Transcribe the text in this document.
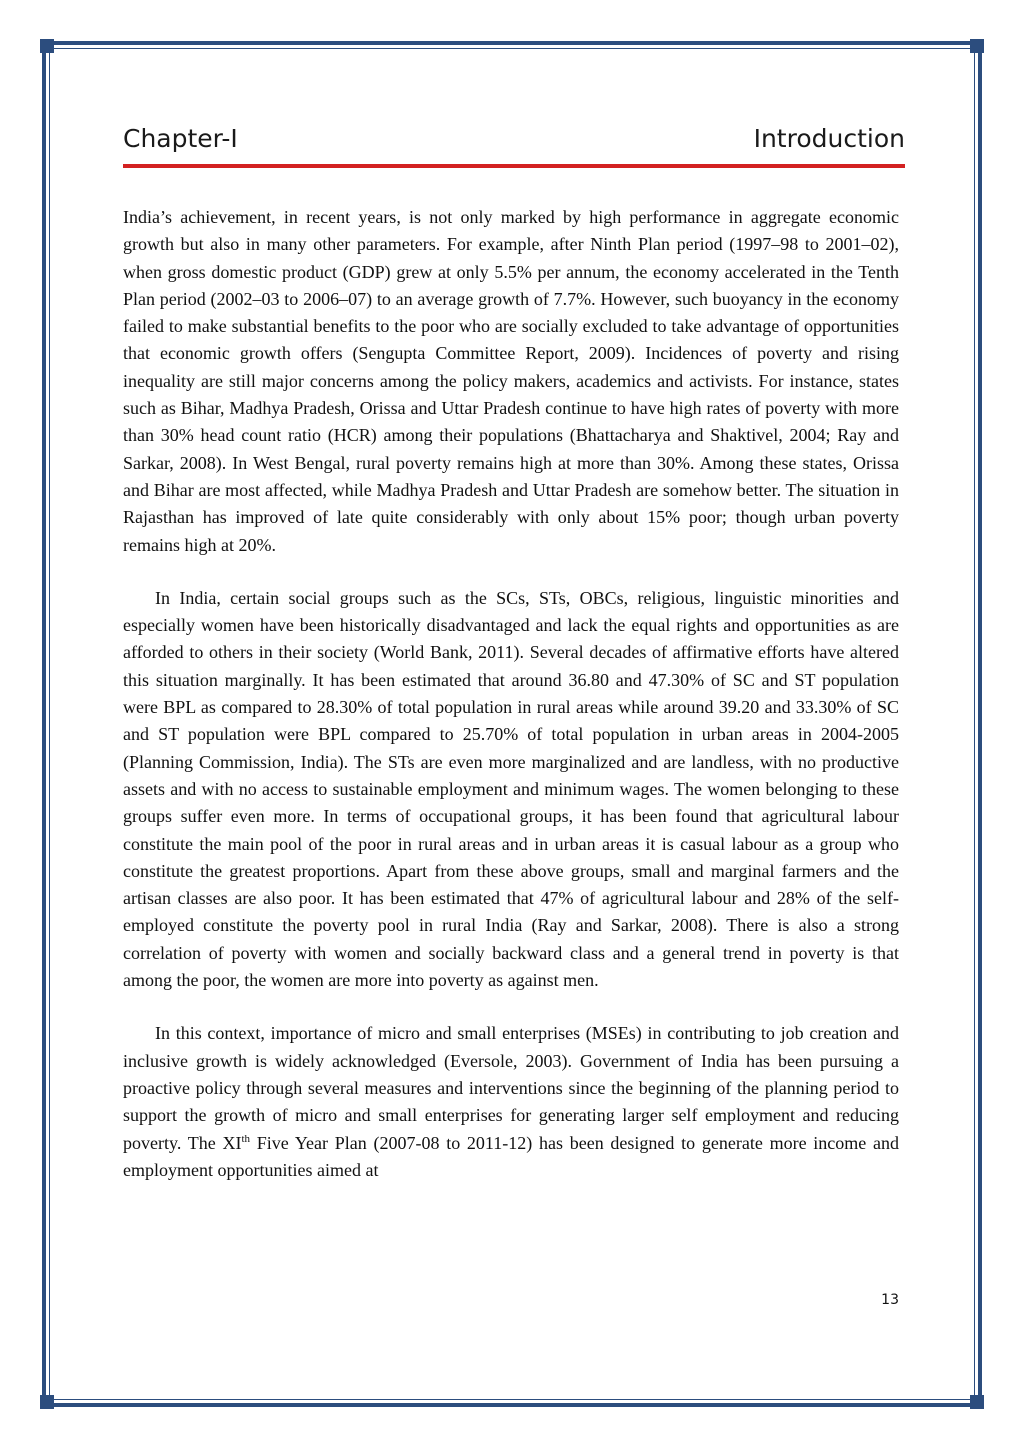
Chapter-I	Introduction

India’s achievement, in recent years, is not only marked by high performance in aggregate economic growth but also in many other parameters. For example, after Ninth Plan period (1997–98 to 2001–02), when gross domestic product (GDP) grew at only 5.5% per annum, the economy accelerated in the Tenth Plan period (2002–03 to 2006–07) to an average growth of 7.7%. However, such buoyancy in the economy failed to make substantial benefits to the poor who are socially excluded to take advantage of opportunities that economic growth offers (Sengupta Committee Report, 2009). Incidences of poverty and rising inequality are still major concerns among the policy makers, academics and activists. For instance, states such as Bihar, Madhya Pradesh, Orissa and Uttar Pradesh continue to have high rates of poverty with more than 30% head count ratio (HCR) among their populations (Bhattacharya and Shaktivel, 2004; Ray and Sarkar, 2008). In West Bengal, rural poverty remains high at more than 30%. Among these states, Orissa and Bihar are most affected, while Madhya Pradesh and Uttar Pradesh are somehow better. The situation in Rajasthan has improved of late quite considerably with only about 15% poor; though urban poverty remains high at 20%.

In India, certain social groups such as the SCs, STs, OBCs, religious, linguistic minorities and especially women have been historically disadvantaged and lack the equal rights and opportunities as are afforded to others in their society (World Bank, 2011). Several decades of affirmative efforts have altered this situation marginally. It has been estimated that around 36.80 and 47.30% of SC and ST population were BPL as compared to 28.30% of total population in rural areas while around 39.20 and 33.30% of SC and ST population were BPL compared to 25.70% of total population in urban areas in 2004-2005 (Planning Commission, India). The STs are even more marginalized and are landless, with no productive assets and with no access to sustainable employment and minimum wages. The women belonging to these groups suffer even more. In terms of occupational groups, it has been found that agricultural labour constitute the main pool of the poor in rural areas and in urban areas it is casual labour as a group who constitute the greatest proportions. Apart from these above groups, small and marginal farmers and the artisan classes are also poor. It has been estimated that 47% of agricultural labour and 28% of the self-employed constitute the poverty pool in rural India (Ray and Sarkar, 2008). There is also a strong correlation of poverty with women and socially backward class and a general trend in poverty is that among the poor, the women are more into poverty as against men.

In this context, importance of micro and small enterprises (MSEs) in contributing to job creation and inclusive growth is widely acknowledged (Eversole, 2003). Government of India has been pursuing a proactive policy through several measures and interventions since the beginning of the planning period to support the growth of micro and small enterprises for generating larger self employment and reducing poverty. The XIth Five Year Plan (2007-08 to 2011-12) has been designed to generate more income and employment opportunities aimed at

13
